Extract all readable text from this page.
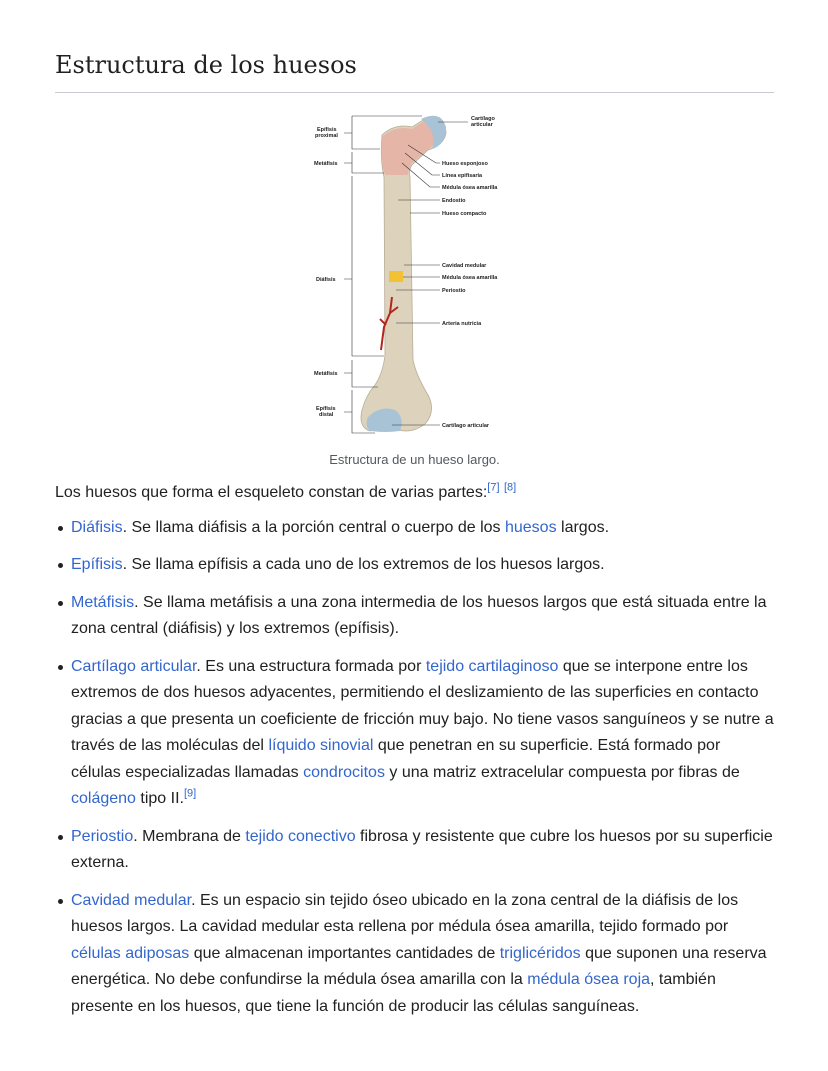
Estructura de los huesos
Epífisis
proximal
Metáfisis
Diáfisis
Metáfisis
Epífisis
distal
Cartílago
articular
Hueso esponjoso
Línea epifisaria
Médula ósea amarilla
Endostio
Hueso compacto
Cavidad medular
Médula ósea amarilla
Periostio
Arteria nutricia
Cartílago articular
Estructura de un hueso largo.

Los huesos que forma el esqueleto constan de varias partes:[7] [8]

Diáfisis. Se llama diáfisis a la porción central o cuerpo de los huesos largos.
Epífisis. Se llama epífisis a cada uno de los extremos de los huesos largos.
Metáfisis. Se llama metáfisis a una zona intermedia de los huesos largos que está situada entre la zona central (diáfisis) y los extremos (epífisis).
Cartílago articular. Es una estructura formada por tejido cartilaginoso que se interpone entre los extremos de dos huesos adyacentes, permitiendo el deslizamiento de las superficies en contacto gracias a que presenta un coeficiente de fricción muy bajo. No tiene vasos sanguíneos y se nutre a través de las moléculas del líquido sinovial que penetran en su superficie. Está formado por células especializadas llamadas condrocitos y una matriz extracelular compuesta por fibras de colágeno tipo II.[9]
Periostio. Membrana de tejido conectivo fibrosa y resistente que cubre los huesos por su superficie externa.
Cavidad medular. Es un espacio sin tejido óseo ubicado en la zona central de la diáfisis de los huesos largos. La cavidad medular esta rellena por médula ósea amarilla, tejido formado por células adiposas que almacenan importantes cantidades de triglicéridos que suponen una reserva energética. No debe confundirse la médula ósea amarilla con la médula ósea roja, también presente en los huesos, que tiene la función de producir las células sanguíneas.
